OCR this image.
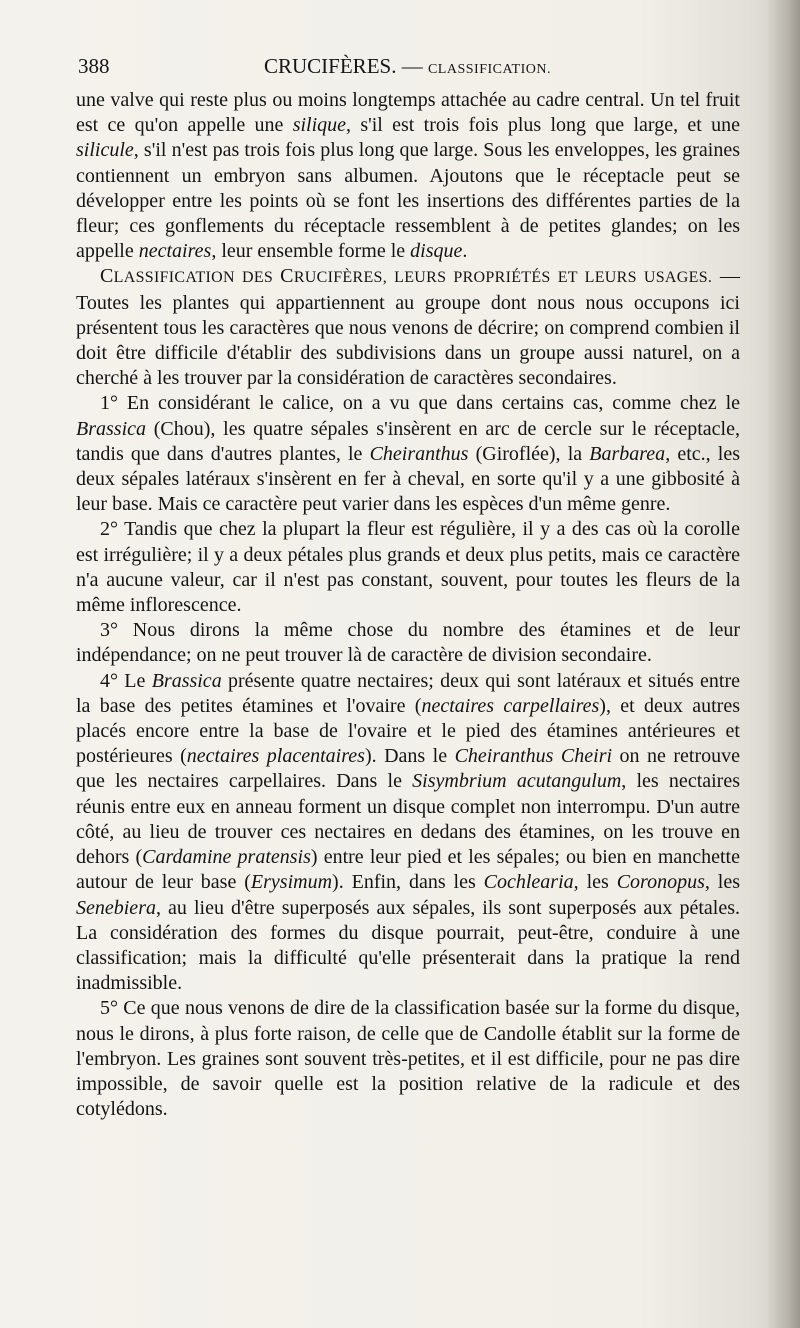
388	CRUCIFÈRES. — CLASSIFICATION.

une valve qui reste plus ou moins longtemps attachée au cadre central. Un tel fruit est ce qu'on appelle une silique, s'il est trois fois plus long que large, et une silicule, s'il n'est pas trois fois plus long que large. Sous les enveloppes, les graines contiennent un embryon sans albumen. Ajoutons que le réceptacle peut se développer entre les points où se font les insertions des différentes parties de la fleur; ces gonflements du réceptacle ressemblent à de petites glandes; on les appelle nectaires, leur ensemble forme le disque.

CLASSIFICATION DES CRUCIFÈRES, LEURS PROPRIÉTÉS ET LEURS USAGES. — Toutes les plantes qui appartiennent au groupe dont nous nous occupons ici présentent tous les caractères que nous venons de décrire; on comprend combien il doit être difficile d'établir des subdivisions dans un groupe aussi naturel, on a cherché à les trouver par la considération de caractères secondaires.

1° En considérant le calice, on a vu que dans certains cas, comme chez le Brassica (Chou), les quatre sépales s'insèrent en arc de cercle sur le réceptacle, tandis que dans d'autres plantes, le Cheiranthus (Giroflée), la Barbarea, etc., les deux sépales latéraux s'insèrent en fer à cheval, en sorte qu'il y a une gibbosité à leur base. Mais ce caractère peut varier dans les espèces d'un même genre.

2° Tandis que chez la plupart la fleur est régulière, il y a des cas où la corolle est irrégulière; il y a deux pétales plus grands et deux plus petits, mais ce caractère n'a aucune valeur, car il n'est pas constant, souvent, pour toutes les fleurs de la même inflorescence.

3° Nous dirons la même chose du nombre des étamines et de leur indépendance; on ne peut trouver là de caractère de division secondaire.

4° Le Brassica présente quatre nectaires; deux qui sont latéraux et situés entre la base des petites étamines et l'ovaire (nectaires carpellaires), et deux autres placés encore entre la base de l'ovaire et le pied des étamines antérieures et postérieures (nectaires placentaires). Dans le Cheiranthus Cheiri on ne retrouve que les nectaires carpellaires. Dans le Sisymbrium acutangulum, les nectaires réunis entre eux en anneau forment un disque complet non interrompu. D'un autre côté, au lieu de trouver ces nectaires en dedans des étamines, on les trouve en dehors (Cardamine pratensis) entre leur pied et les sépales; ou bien en manchette autour de leur base (Erysimum). Enfin, dans les Cochlearia, les Coronopus, les Senebiera, au lieu d'être superposés aux sépales, ils sont superposés aux pétales. La considération des formes du disque pourrait, peut-être, conduire à une classification; mais la difficulté qu'elle présenterait dans la pratique la rend inadmissible.

5° Ce que nous venons de dire de la classification basée sur la forme du disque, nous le dirons, à plus forte raison, de celle que de Candolle établit sur la forme de l'embryon. Les graines sont souvent très-petites, et il est difficile, pour ne pas dire impossible, de savoir quelle est la position relative de la radicule et des cotylédons.
